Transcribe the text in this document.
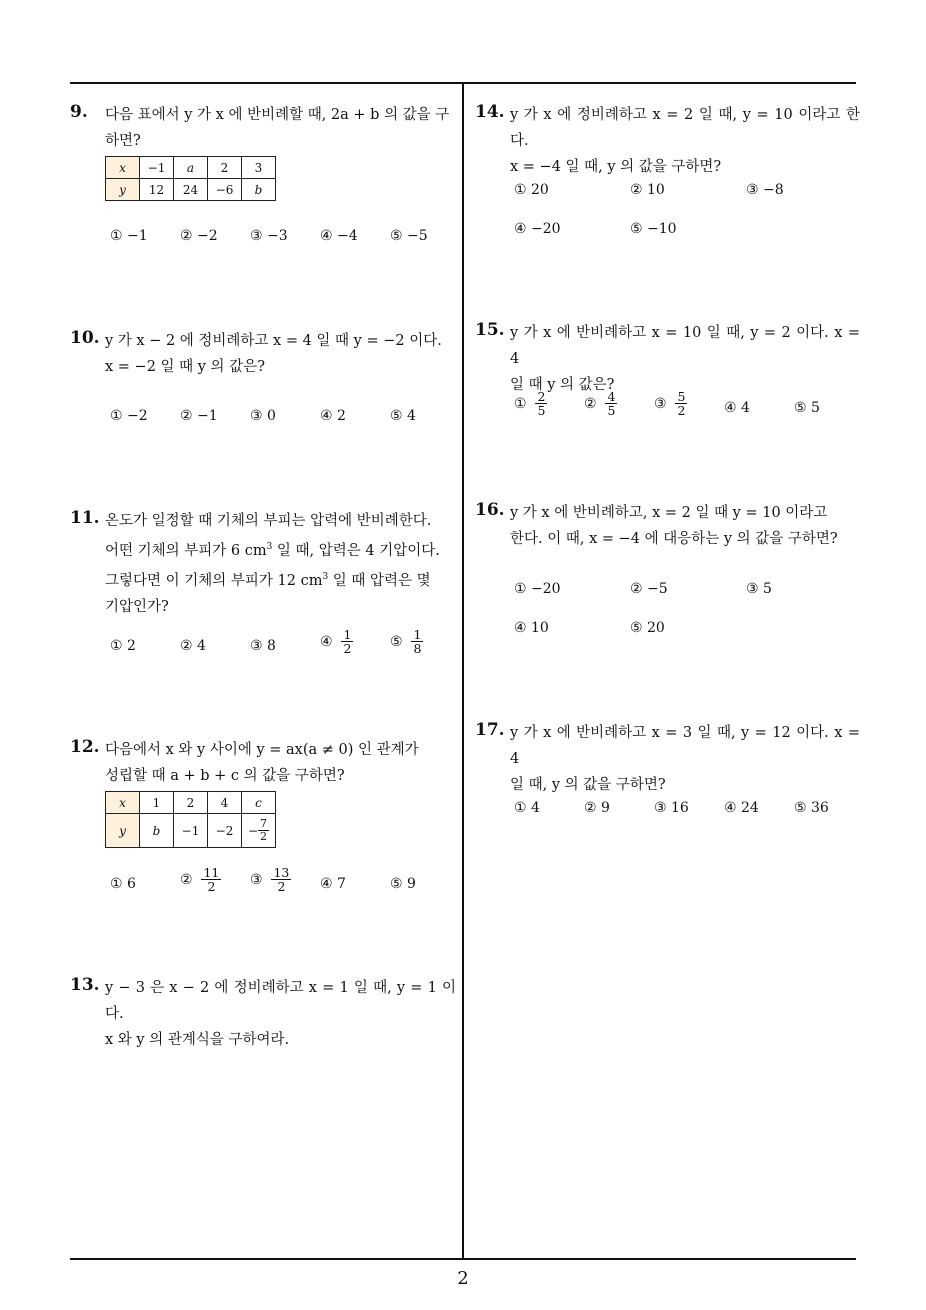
9. 다음 표에서 y 가 x 에 반비례할 때, 2a + b 의 값을 구
하면?
x	−1	a	2	3
y	12	24	−6	b
① −1 ② −2 ③ −3 ④ −4 ⑤ −5
10. y 가 x − 2 에 정비례하고 x = 4 일 때 y = −2 이다.
x = −2 일 때 y 의 값은?
① −2 ② −1 ③ 0	④ 2	⑤ 4
11. 온도가 일정할 때 기체의 부피는 압력에 반비례한다.
어떤 기체의 부피가 6 $cm^3$ 일 때, 압력은 4 기압이다.
그렇다면 이 기체의 부피가 12 $cm^3$ 일 때 압력은 몇
기압인가?
① 2	② 4	③ 8	④
$\frac{1}{2}$	⑤
$\frac{1}{8}$
12. 다음에서 x 와 y 사이에 y = ax(a ≠ 0) 인 관계가
성립할 때 a + b + c 의 값을 구하면?
x	1	2	4	c
y	b	−1	−2	− $\frac{7}{2}$
① 6	②
$\frac{11}{2}$ ③
$\frac{13}{2}$ ④ 7	⑤ 9
13. y − 3 은 x − 2 에 정비례하고 x = 1 일 때, y = 1 이다.
x 와 y 의 관계식을 구하여라.
14. y 가 x 에 정비례하고 x = 2 일 때, y = 10 이라고 한다.
x = −4 일 때, y 의 값을 구하면?
① 20	② 10	③ −8
④ −20	⑤ −10
15. y 가 x 에 반비례하고 x = 10 일 때, y = 2 이다. x = 4
일 때 y 의 값은?
①
$\frac{2}{5}$	②
$\frac{4}{5}$	③
$\frac{5}{2}$	④ 4	⑤ 5
16. y 가 x 에 반비례하고, x = 2 일 때 y = 10 이라고
한다. 이 때, x = −4 에 대응하는 y 의 값을 구하면?
① −20	② −5	③ 5
④ 10	⑤ 20
17. y 가 x 에 반비례하고 x = 3 일 때, y = 12 이다. x = 4
일 때, y 의 값을 구하면?
① 4	② 9	③ 16	④ 24	⑤ 36
2
